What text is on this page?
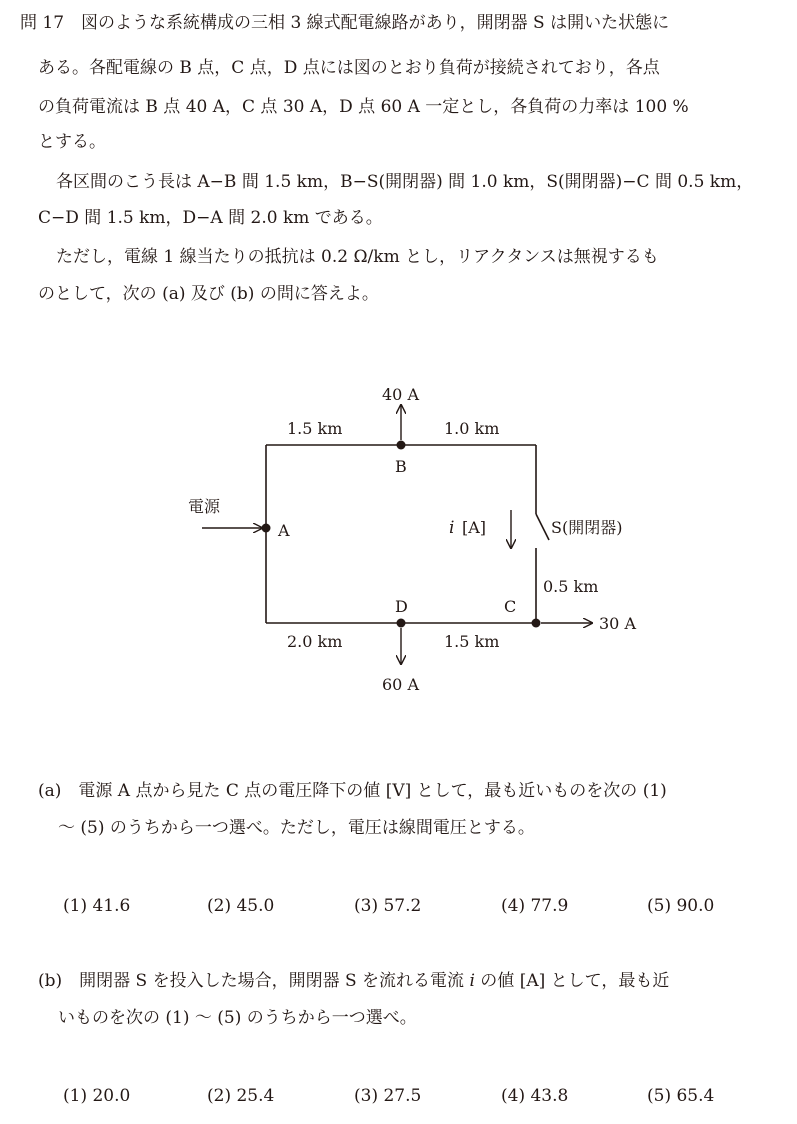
問 17　図のような系統構成の三相 3 線式配電線路があり，開閉器 S は開いた状態に
ある。各配電線の B 点，C 点，D 点には図のとおり負荷が接続されており，各点
の負荷電流は B 点 40 A，C 点 30 A，D 点 60 A 一定とし，各負荷の力率は 100 %
とする。
各区間のこう長は A−B 間 1.5 km，B−S(開閉器) 間 1.0 km，S(開閉器)−C 間 0.5 km，
C−D 間 1.5 km，D−A 間 2.0 km である。
ただし，電線 1 線当たりの抵抗は 0.2 Ω/km とし，リアクタンスは無視するも
のとして，次の (a) 及び (b) の問に答えよ。
電源
A
B
D	C
40 A
60 A
30 A
1.5 km	1.0 km
0.5 km
1.5 km
2.0 km
S(開閉器)
i [A]
(a)　電源 A 点から見た C 点の電圧降下の値 [V] として，最も近いものを次の (1)
〜 (5) のうちから一つ選べ。ただし，電圧は線間電圧とする。
(1) 41.6	(2) 45.0	(3) 57.2	(4) 77.9	(5) 90.0
(b)　開閉器 S を投入した場合，開閉器 S を流れる電流 i の値 [A] として，最も近
いものを次の (1) 〜 (5) のうちから一つ選べ。
(1) 20.0	(2) 25.4	(3) 27.5	(4) 43.8	(5) 65.4
